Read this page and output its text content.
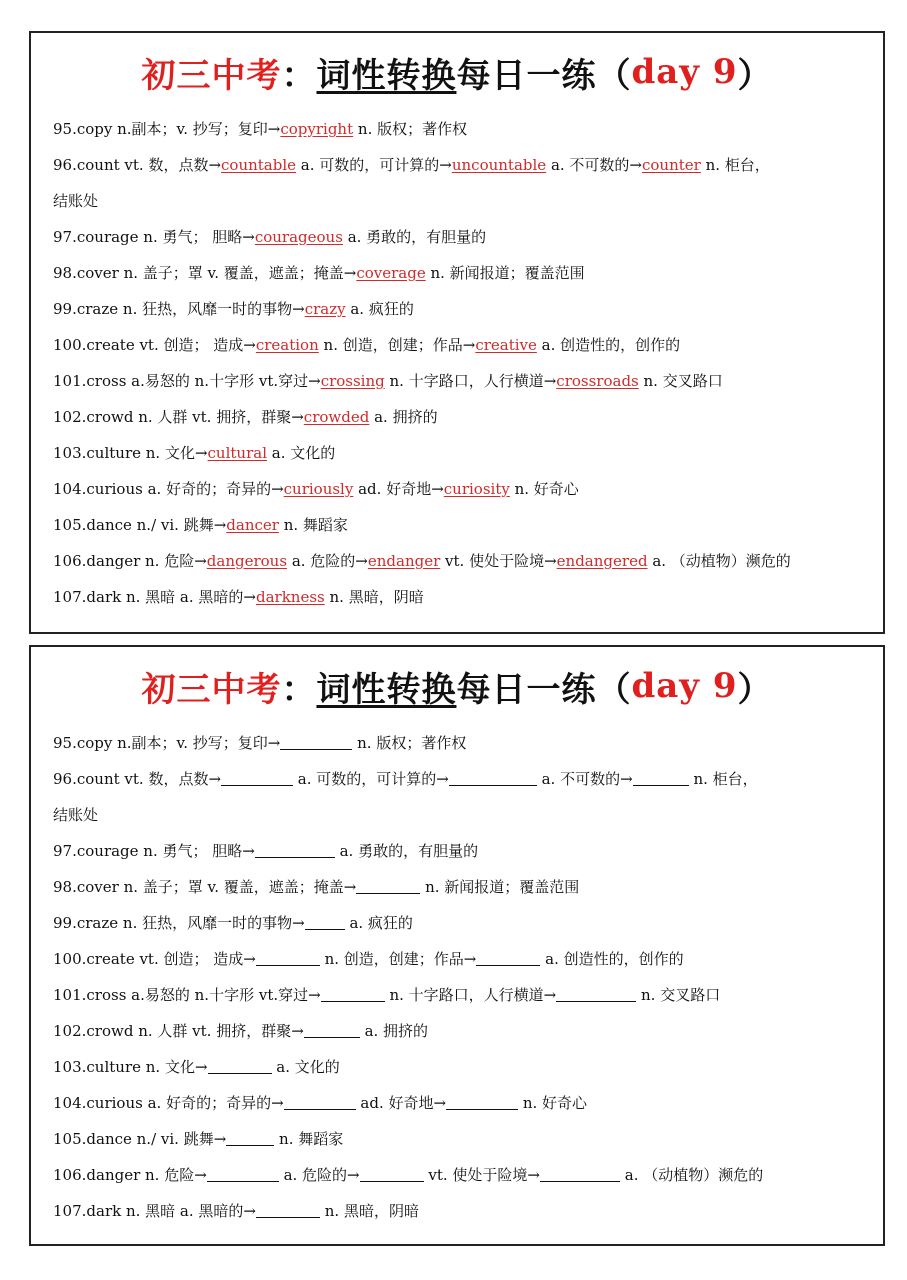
初三中考 ： 词性转换 每日一练 （ day 9 ）
95.copy n.副本；v. 抄写；复印→copyright n. 版权；著作权
96.count vt. 数，点数→countable a. 可数的，可计算的→uncountable a. 不可数的→counter n. 柜台，
结账处
97.courage n. 勇气； 胆略→courageous a. 勇敢的，有胆量的
98.cover n. 盖子；罩 v. 覆盖，遮盖；掩盖→coverage n. 新闻报道；覆盖范围
99.craze n. 狂热，风靡一时的事物→crazy a. 疯狂的
100.create vt. 创造； 造成→creation n. 创造，创建；作品→creative a. 创造性的，创作的
101.cross a.易怒的 n.十字形 vt.穿过→crossing n. 十字路口，人行横道→crossroads n. 交叉路口
102.crowd n. 人群 vt. 拥挤，群聚→crowded a. 拥挤的
103.culture n. 文化→cultural a. 文化的
104.curious a. 好奇的；奇异的→curiously ad. 好奇地→curiosity n. 好奇心
105.dance n./ vi. 跳舞→dancer n. 舞蹈家
106.danger n. 危险→dangerous a. 危险的→endanger vt. 使处于险境→endangered a. （动植物）濒危的
107.dark n. 黑暗 a. 黑暗的→darkness n. 黑暗，阴暗
初三中考 ： 词性转换 每日一练 （ day 9 ）
95.copy n.副本；v. 抄写；复印→	n. 版权；著作权
96.count vt. 数，点数→	a. 可数的，可计算的→	a. 不可数的→	n. 柜台，
结账处
97.courage n. 勇气； 胆略→	a. 勇敢的，有胆量的
98.cover n. 盖子；罩 v. 覆盖，遮盖；掩盖→	n. 新闻报道；覆盖范围
99.craze n. 狂热，风靡一时的事物→	a. 疯狂的
100.create vt. 创造； 造成→	n. 创造，创建；作品→	a. 创造性的，创作的
101.cross a.易怒的 n.十字形 vt.穿过→	n. 十字路口，人行横道→	n. 交叉路口
102.crowd n. 人群 vt. 拥挤，群聚→	a. 拥挤的
103.culture n. 文化→	a. 文化的
104.curious a. 好奇的；奇异的→	ad. 好奇地→	n. 好奇心
105.dance n./ vi. 跳舞→	n. 舞蹈家
106.danger n. 危险→	a. 危险的→	vt. 使处于险境→	a. （动植物）濒危的
107.dark n. 黑暗 a. 黑暗的→	n. 黑暗，阴暗
